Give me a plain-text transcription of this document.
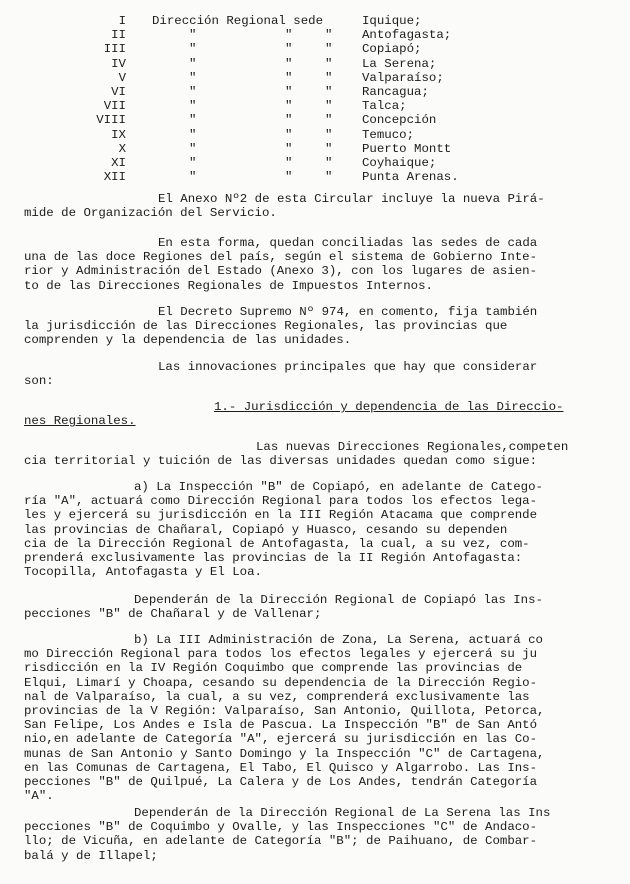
I Dirección Regional sede	Iquique;
II	"	"	" Antofagasta;
III	"	"	" Copiapó;
IV	"	"	" La Serena;
V	"	"	" Valparaíso;
VI	"	"	" Rancagua;
VII	"	"	" Talca;
VIII	"	"	" Concepción
IX	"	"	" Temuco;
X	"	"	" Puerto Montt
XI	"	"	" Coyhaique;
XII	"	"	" Punta Arenas.
El Anexo Nº2 de esta Circular incluye la nueva Pirá-
mide de Organización del Servicio.
En esta forma, quedan conciliadas las sedes de cada
una de las doce Regiones del país, según el sistema de Gobierno Inte-
rior y Administración del Estado (Anexo 3), con los lugares de asien-
to de las Direcciones Regionales de Impuestos Internos.
El Decreto Supremo Nº 974, en comento, fija también
la jurisdicción de las Direcciones Regionales, las provincias que
comprenden y la dependencia de las unidades.
Las innovaciones principales que hay que considerar
son:
1.- Jurisdicción y dependencia de las Direccio-
nes Regionales.
Las nuevas Direcciones Regionales,competen
cia territorial y tuición de las diversas unidades quedan como sigue:
a) La Inspección "B" de Copiapó, en adelante de Catego-
ría "A", actuará como Dirección Regional para todos los efectos lega-
les y ejercerá su jurisdicción en la III Región Atacama que comprende
las provincias de Chañaral, Copiapó y Huasco, cesando su dependen
cia de la Dirección Regional de Antofagasta, la cual, a su vez, com-
prenderá exclusivamente las provincias de la II Región Antofagasta:
Tocopilla, Antofagasta y El Loa.
Dependerán de la Dirección Regional de Copiapó las Ins-
pecciones "B" de Chañaral y de Vallenar;
b) La III Administración de Zona, La Serena, actuará co
mo Dirección Regional para todos los efectos legales y ejercerá su ju
risdicción en la IV Región Coquimbo que comprende las provincias de
Elqui, Limarí y Choapa, cesando su dependencia de la Dirección Regio-
nal de Valparaíso, la cual, a su vez, comprenderá exclusivamente las
provincias de la V Región: Valparaíso, San Antonio, Quillota, Petorca,
San Felipe, Los Andes e Isla de Pascua. La Inspección "B" de San Antó
nio,en adelante de Categoría "A", ejercerá su jurisdicción en las Co-
munas de San Antonio y Santo Domingo y la Inspección "C" de Cartagena,
en las Comunas de Cartagena, El Tabo, El Quisco y Algarrobo. Las Ins-
pecciones "B" de Quilpué, La Calera y de Los Andes, tendrán Categoría
"A".
Dependerán de la Dirección Regional de La Serena las Ins
pecciones "B" de Coquimbo y Ovalle, y las Inspecciones "C" de Andaco-
llo; de Vicuña, en adelante de Categoría "B"; de Paihuano, de Combar-
balá y de Illapel;
